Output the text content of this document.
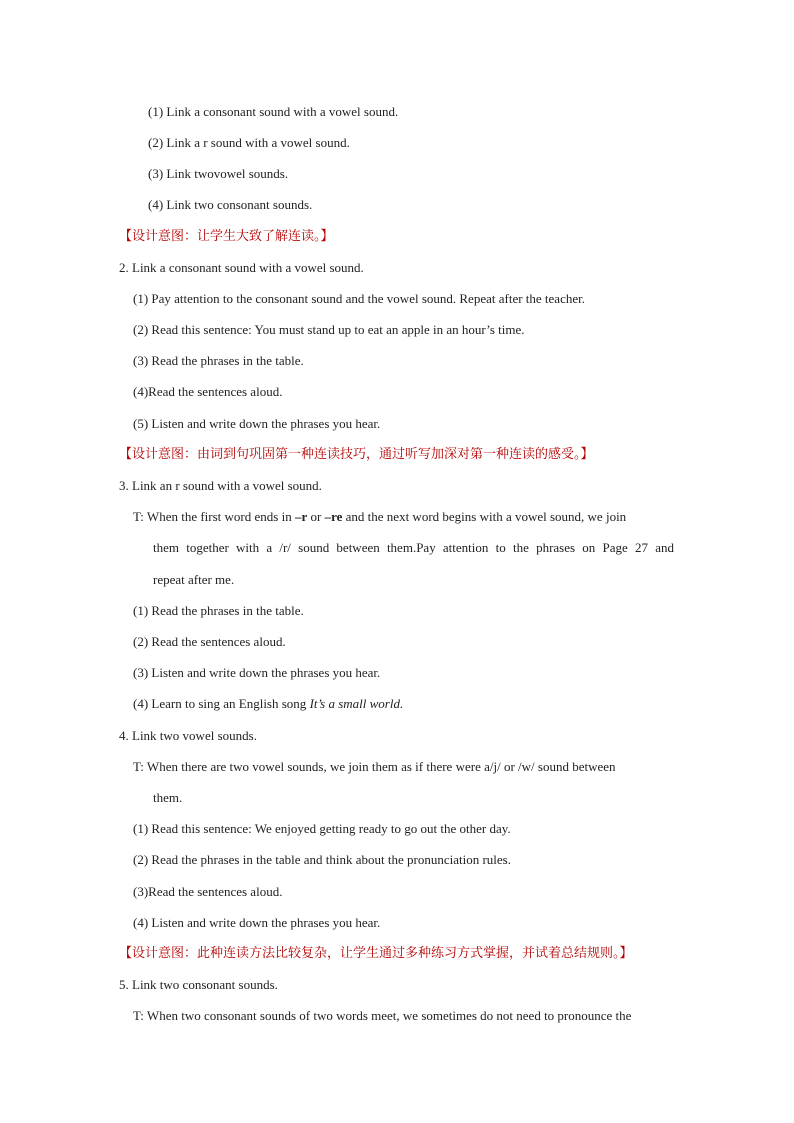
(1) Link a consonant sound with a vowel sound.
(2) Link a r sound with a vowel sound.
(3) Link twovowel sounds.
(4) Link two consonant sounds.
【设计意图：让学生大致了解连读。】
2. Link a consonant sound with a vowel sound.
(1) Pay attention to the consonant sound and the vowel sound. Repeat after the teacher.
(2) Read this sentence: You must stand up to eat an apple in an hour’s time.
(3) Read the phrases in the table.
(4)Read the sentences aloud.
(5) Listen and write down the phrases you hear.
【设计意图：由词到句巩固第一种连读技巧，通过听写加深对第一种连读的感受。】
3. Link an r sound with a vowel sound.
T: When the first word ends in –r or –re and the next word begins with a vowel sound, we join
them together with a /r/ sound between them.Pay attention to the phrases on Page 27 and
repeat after me.
(1) Read the phrases in the table.
(2) Read the sentences aloud.
(3) Listen and write down the phrases you hear.
(4) Learn to sing an English song It’s a small world.
4. Link two vowel sounds.
T: When there are two vowel sounds, we join them as if there were a/j/ or /w/ sound between
them.
(1) Read this sentence: We enjoyed getting ready to go out the other day.
(2) Read the phrases in the table and think about the pronunciation rules.
(3)Read the sentences aloud.
(4) Listen and write down the phrases you hear.
【设计意图：此种连读方法比较复杂，让学生通过多种练习方式掌握，并试着总结规则。】
5. Link two consonant sounds.
T: When two consonant sounds of two words meet, we sometimes do not need to pronounce the
